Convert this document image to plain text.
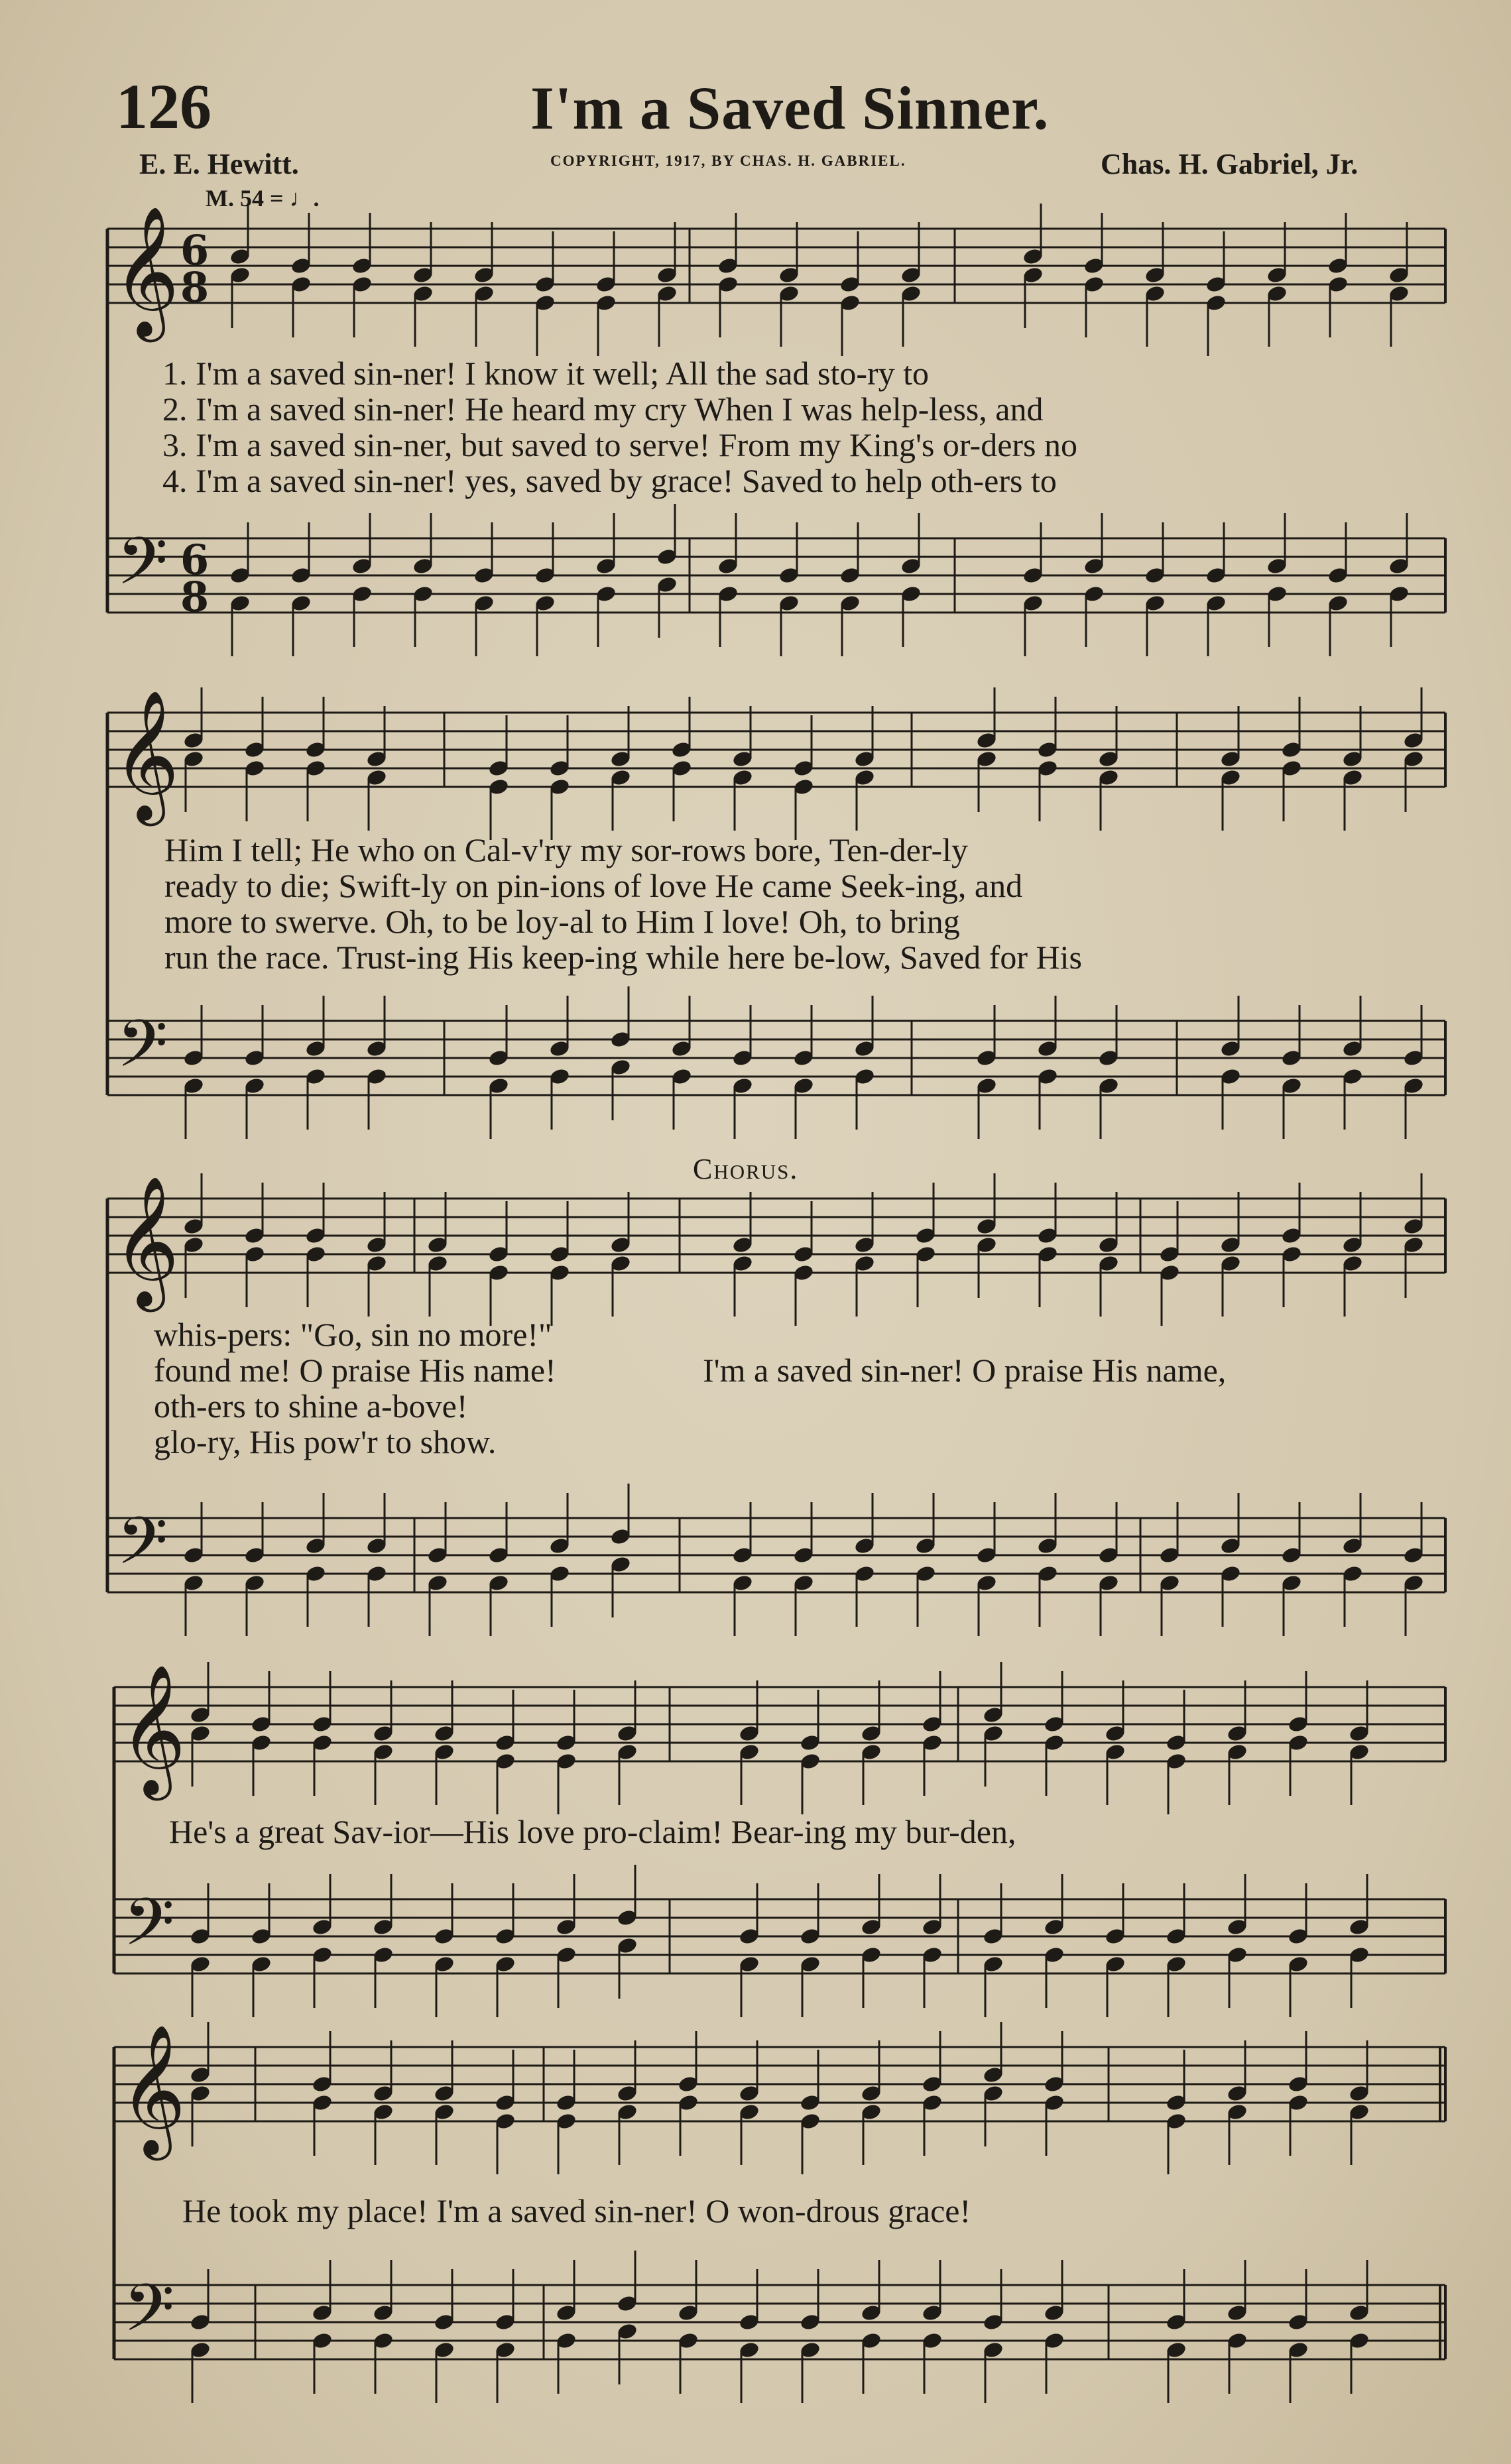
126	I'm a Saved Sinner.
E. E. Hewitt.	COPYRIGHT, 1917, BY CHAS. H. GABRIEL.	Chas. H. Gabriel, Jr.
M. 54 = ♩.
Chorus.
𝄞
𝄢
6
8
6
8
𝄞
𝄢
𝄞
𝄢
𝄞
𝄢
𝄞
𝄢
1. I'm a saved sin-ner! I know it well; All the sad sto-ry to
2. I'm a saved sin-ner! He heard my cry When I was help-less, and
3. I'm a saved sin-ner, but saved to serve! From my King's or-ders no
4. I'm a saved sin-ner! yes, saved by grace! Saved to help oth-ers to
Him I tell; He who on Cal-v'ry my sor-rows bore, Ten-der-ly
ready to die; Swift-ly on pin-ions of love He came Seek-ing, and
more to swerve. Oh, to be loy-al to Him I love! Oh, to bring
run the race. Trust-ing His keep-ing while here be-low, Saved for His
whis-pers: "Go, sin no more!"
found me! O praise His name!
oth-ers to shine a-bove!
glo-ry, His pow'r to show.
I'm a saved sin-ner! O praise His name,
He's a great Sav-ior—His love pro-claim! Bear-ing my bur-den,
He took my place! I'm a saved sin-ner! O won-drous grace!
